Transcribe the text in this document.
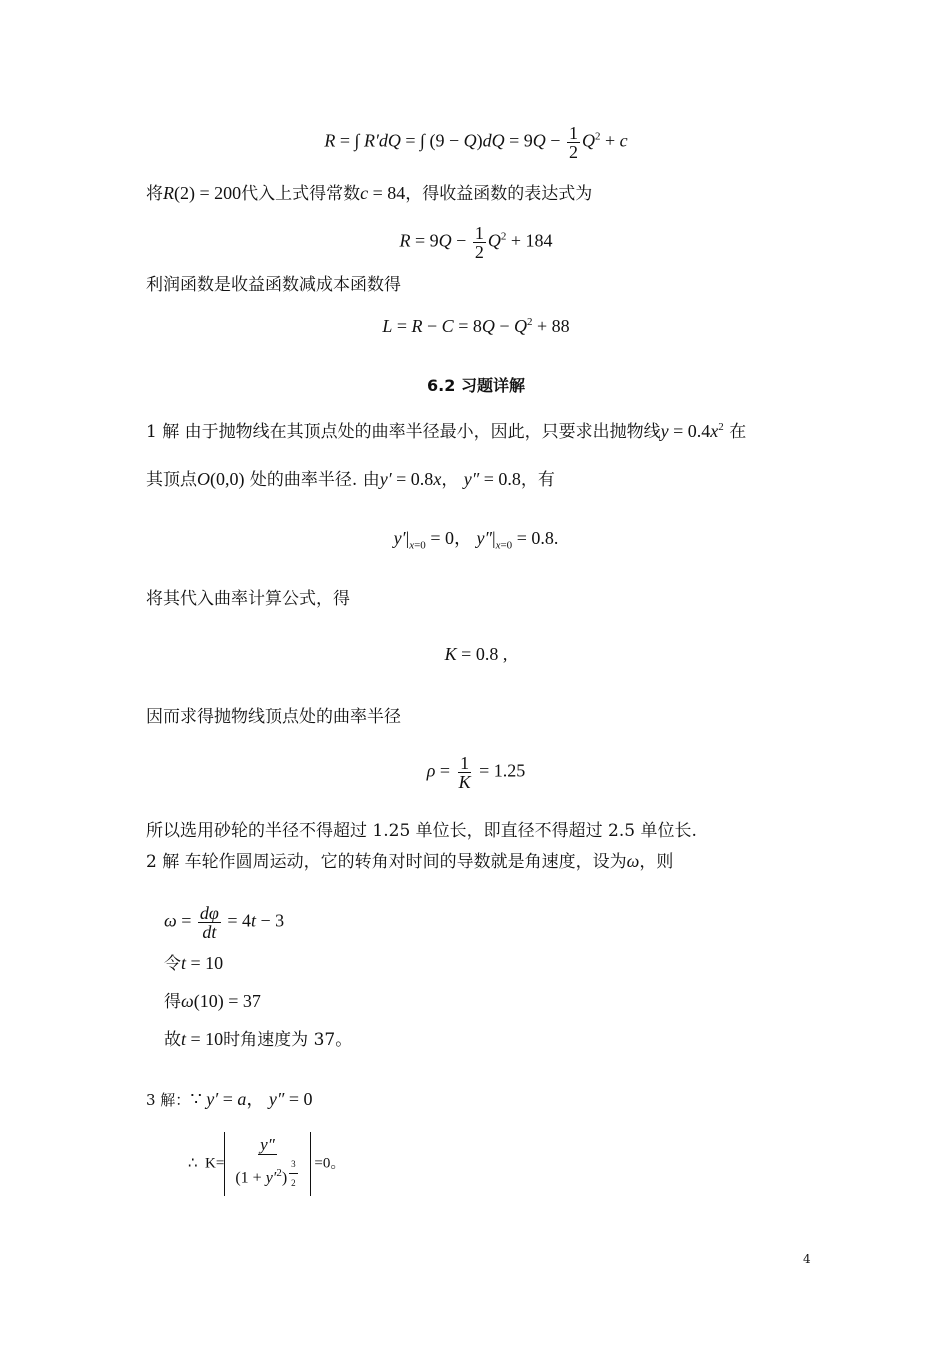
R = ∫ R′dQ = ∫ $(9 - Q)dQ = 9Q - \frac{1}{2} Q^2 + c$
将R(2) = 200代入上式得常数c = 84，得收益函数的表达式为
$R = 9Q - \frac{1}{2} Q^2 + 184$
利润函数是收益函数减成本函数得
$L = R - C = 8Q - Q^2 + 88$
6.2 习题详解
1 解 由于抛物线在其顶点处的曲率半径最小，因此，只要求出抛物线$y = 0.4x^2$ 在
其顶点O(0,0) 处的曲率半径. 由y′ = 0.8x， y″ = 0.8，有
$y'|_{x=0} = 0$， $y''|_{x=0} = 0.8$.
将其代入曲率计算公式，得
K = 0.8 ,
因而求得抛物线顶点处的曲率半径
$\rho = \frac{1}{K} = 1.25$
所以选用砂轮的半径不得超过 1.25 单位长，即直径不得超过 2.5 单位长.
2 解 车轮作圆周运动，它的转角对时间的导数就是角速度，设为ω，则
$\omega = \frac{d\varphi}{dt} = 4t - 3$
令t = 10
得ω(10) = 37
故t = 10时角速度为 37。
3 解：∵ y′ = a， y″ = 0
∴  K= y″
$(1 + y'^2)$ $^{\frac{3}{2}}$ =0。
4
